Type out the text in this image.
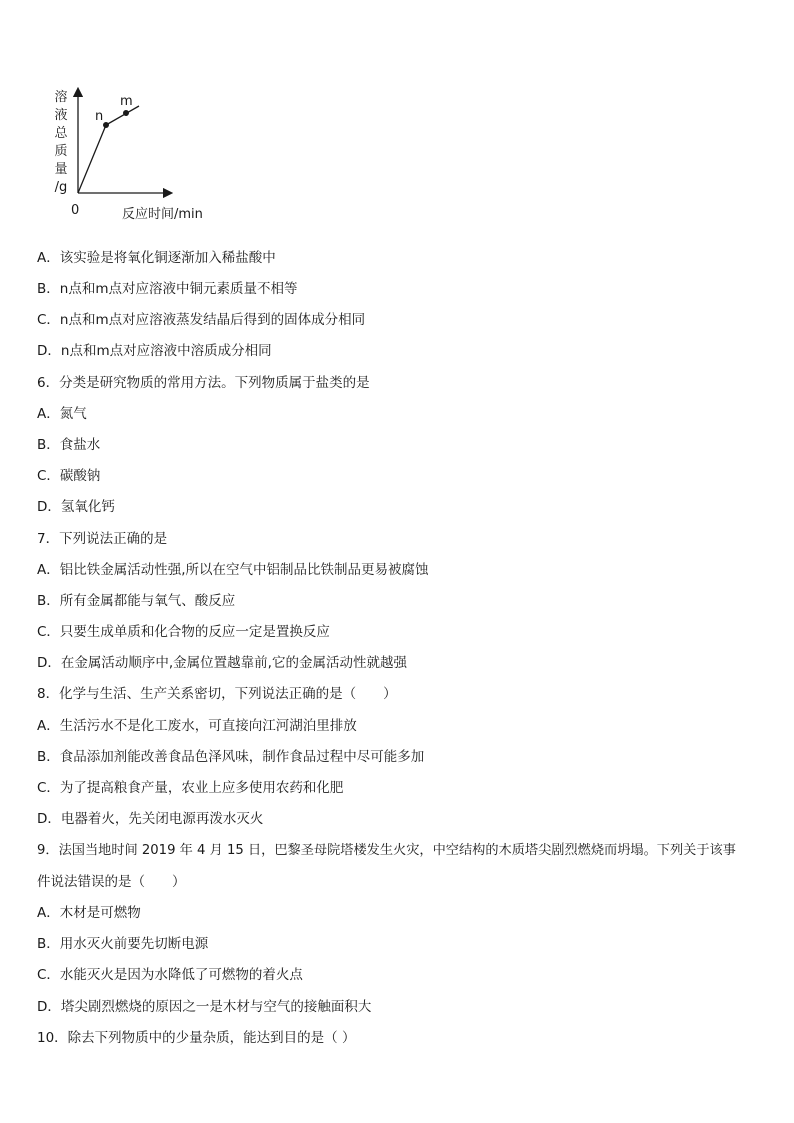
溶
液
总
质
量
/g
n
m
0	反应时间/min
A．该实验是将氧化铜逐渐加入稀盐酸中
B．n点和m点对应溶液中铜元素质量不相等
C．n点和m点对应溶液蒸发结晶后得到的固体成分相同
D．n点和m点对应溶液中溶质成分相同
6．分类是研究物质的常用方法。下列物质属于盐类的是
A．氮气
B．食盐水
C．碳酸钠
D．氢氧化钙
7．下列说法正确的是
A．铝比铁金属活动性强,所以在空气中铝制品比铁制品更易被腐蚀
B．所有金属都能与氧气、酸反应
C．只要生成单质和化合物的反应一定是置换反应
D．在金属活动顺序中,金属位置越靠前,它的金属活动性就越强
8．化学与生活、生产关系密切，下列说法正确的是（　　）
A．生活污水不是化工废水，可直接向江河湖泊里排放
B．食品添加剂能改善食品色泽风味，制作食品过程中尽可能多加
C．为了提高粮食产量，农业上应多使用农药和化肥
D．电器着火，先关闭电源再泼水灭火
9．法国当地时间 2019 年 4 月 15 日，巴黎圣母院塔楼发生火灾，中空结构的木质塔尖剧烈燃烧而坍塌。下列关于该事
件说法错误的是（　　）
A．木材是可燃物
B．用水灭火前要先切断电源
C．水能灭火是因为水降低了可燃物的着火点
D．塔尖剧烈燃烧的原因之一是木材与空气的接触面积大
10．除去下列物质中的少量杂质，能达到目的是（ ）
